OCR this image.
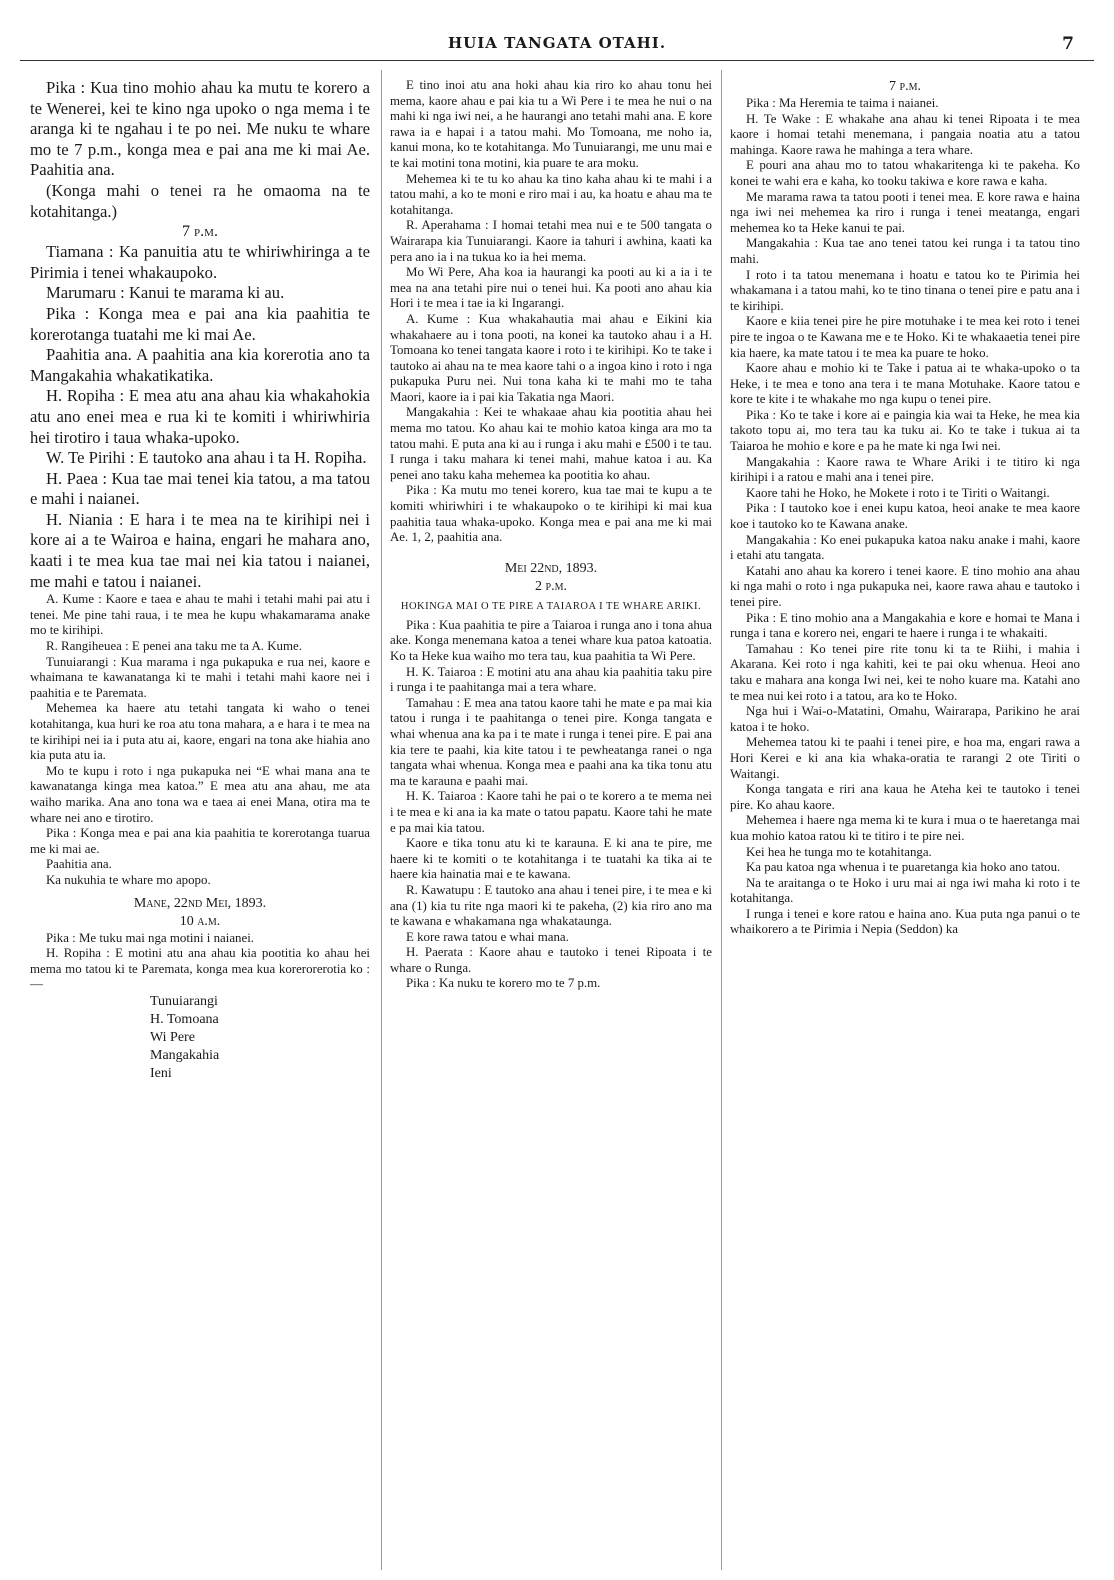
HUIA TANGATA OTAHI.	7

Pika : Kua tino mohio ahau ka mutu te korero a te Wenerei, kei te kino nga upoko o nga mema i te aranga ki te ngahau i te po nei. Me nuku te whare mo te 7 p.m., konga mea e pai ana me ki mai Ae. Paahitia ana.

(Konga mahi o tenei ra he omaoma na te kotahitanga.)

7 p.m.

Tiamana : Ka panuitia atu te whiriwhiringa a te Pirimia i tenei whakaupoko.

Marumaru : Kanui te marama ki au.

Pika : Konga mea e pai ana kia paahitia te korerotanga tuatahi me ki mai Ae.

Paahitia ana. A paahitia ana kia korerotia ano ta Mangakahia whakatikatika.

H. Ropiha : E mea atu ana ahau kia whakahokia atu ano enei mea e rua ki te komiti i whiriwhiria hei tirotiro i taua whaka-upoko.

W. Te Pirihi : E tautoko ana ahau i ta H. Ropiha.

H. Paea : Kua tae mai tenei kia tatou, a ma tatou e mahi i naianei.

H. Niania : E hara i te mea na te kirihipi nei i kore ai a te Wairoa e haina, engari he mahara ano, kaati i te mea kua tae mai nei kia tatou i naianei, me mahi e tatou i naianei.

A. Kume : Kaore e taea e ahau te mahi i tetahi mahi pai atu i tenei. Me pine tahi raua, i te mea he kupu whakamarama anake mo te kirihipi.

R. Rangiheuea : E penei ana taku me ta A. Kume.

Tunuiarangi : Kua marama i nga pukapuka e rua nei, kaore e whaimana te kawanatanga ki te mahi i tetahi mahi kaore nei i paahitia e te Paremata.

Mehemea ka haere atu tetahi tangata ki waho o tenei kotahitanga, kua huri ke roa atu tona mahara, a e hara i te mea na te kirihipi nei ia i puta atu ai, kaore, engari na tona ake hiahia ano kia puta atu ia.

Mo te kupu i roto i nga pukapuka nei “E whai mana ana te kawanatanga kinga mea katoa.” E mea atu ana ahau, me ata waiho marika. Ana ano tona wa e taea ai enei Mana, otira ma te whare nei ano e tirotiro.

Pika : Konga mea e pai ana kia paahitia te korerotanga tuarua me ki mai ae.

Paahitia ana.

Ka nukuhia te whare mo apopo.

Mane, 22nd Mei, 1893.

10 a.m.

Pika : Me tuku mai nga motini i naianei.

H. Ropiha : E motini atu ana ahau kia pootitia ko ahau hei mema mo tatou ki te Paremata, konga mea kua korerorerotia ko :—

Tunuiarangi
H. Tomoana
Wi Pere
Mangakahia
Ieni

E tino inoi atu ana hoki ahau kia riro ko ahau tonu hei mema, kaore ahau e pai kia tu a Wi Pere i te mea he nui o na mahi ki nga iwi nei, a he haurangi ano tetahi mahi ana. E kore rawa ia e hapai i a tatou mahi. Mo Tomoana, me noho ia, kanui mona, ko te kotahitanga. Mo Tunuiarangi, me unu mai e te kai motini tona motini, kia puare te ara moku.

Mehemea ki te tu ko ahau ka tino kaha ahau ki te mahi i a tatou mahi, a ko te moni e riro mai i au, ka hoatu e ahau ma te kotahitanga.

R. Aperahama : I homai tetahi mea nui e te 500 tangata o Wairarapa kia Tunuiarangi. Kaore ia tahuri i awhina, kaati ka pera ano ia i na tukua ko ia hei mema.

Mo Wi Pere, Aha koa ia haurangi ka pooti au ki a ia i te mea na ana tetahi pire nui o tenei hui. Ka pooti ano ahau kia Hori i te mea i tae ia ki Ingarangi.

A. Kume : Kua whakahautia mai ahau e Eikini kia whakahaere au i tona pooti, na konei ka tautoko ahau i a H. Tomoana ko tenei tangata kaore i roto i te kirihipi. Ko te take i tautoko ai ahau na te mea kaore tahi o a ingoa kino i roto i nga pukapuka Puru nei. Nui tona kaha ki te mahi mo te taha Maori, kaore ia i pai kia Takatia nga Maori.

Mangakahia : Kei te whakaae ahau kia pootitia ahau hei mema mo tatou. Ko ahau kai te mohio katoa kinga ara mo ta tatou mahi. E puta ana ki au i runga i aku mahi e £500 i te tau. I runga i taku mahara ki tenei mahi, mahue katoa i au. Ka penei ano taku kaha mehemea ka pootitia ko ahau.

Pika : Ka mutu mo tenei korero, kua tae mai te kupu a te komiti whiriwhiri i te whakaupoko o te kirihipi ki mai kua paahitia taua whaka-upoko. Konga mea e pai ana me ki mai Ae. 1, 2, paahitia ana.

Mei 22nd, 1893.

2 p.m.

HOKINGA MAI O TE PIRE A TAIAROA I TE WHARE ARIKI.

Pika : Kua paahitia te pire a Taiaroa i runga ano i tona ahua ake. Konga menemana katoa a tenei whare kua patoa katoatia. Ko ta Heke kua waiho mo tera tau, kua paahitia ta Wi Pere.

H. K. Taiaroa : E motini atu ana ahau kia paahitia taku pire i runga i te paahitanga mai a tera whare.

Tamahau : E mea ana tatou kaore tahi he mate e pa mai kia tatou i runga i te paahitanga o tenei pire. Konga tangata e whai whenua ana ka pa i te mate i runga i tenei pire. E pai ana kia tere te paahi, kia kite tatou i te pewheatanga ranei o nga tangata whai whenua. Konga mea e paahi ana ka tika tonu atu ma te karauna e paahi mai.

H. K. Taiaroa : Kaore tahi he pai o te korero a te mema nei i te mea e ki ana ia ka mate o tatou papatu. Kaore tahi he mate e pa mai kia tatou.

Kaore e tika tonu atu ki te karauna. E ki ana te pire, me haere ki te komiti o te kotahitanga i te tuatahi ka tika ai te haere kia hainatia mai e te kawana.

R. Kawatupu : E tautoko ana ahau i tenei pire, i te mea e ki ana (1) kia tu rite nga maori ki te pakeha, (2) kia riro ano ma te kawana e whakamana nga whakataunga.

E kore rawa tatou e whai mana.

H. Paerata : Kaore ahau e tautoko i tenei Ripoata i te whare o Runga.

Pika : Ka nuku te korero mo te 7 p.m.

7 p.m.

Pika : Ma Heremia te taima i naianei.

H. Te Wake : E whakahe ana ahau ki tenei Ripoata i te mea kaore i homai tetahi menemana, i pangaia noatia atu a tatou mahinga. Kaore rawa he mahinga a tera whare.

E pouri ana ahau mo to tatou whakaritenga ki te pakeha. Ko konei te wahi era e kaha, ko tooku takiwa e kore rawa e kaha.

Me marama rawa ta tatou pooti i tenei mea. E kore rawa e haina nga iwi nei mehemea ka riro i runga i tenei meatanga, engari mehemea ko ta Heke kanui te pai.

Mangakahia : Kua tae ano tenei tatou kei runga i ta tatou tino mahi.

I roto i ta tatou menemana i hoatu e tatou ko te Pirimia hei whakamana i a tatou mahi, ko te tino tinana o tenei pire e patu ana i te kirihipi.

Kaore e kiia tenei pire he pire motuhake i te mea kei roto i tenei pire te ingoa o te Kawana me e te Hoko. Ki te whakaaetia tenei pire kia haere, ka mate tatou i te mea ka puare te hoko.

Kaore ahau e mohio ki te Take i patua ai te whaka-upoko o ta Heke, i te mea e tono ana tera i te mana Motuhake. Kaore tatou e kore te kite i te whakahe mo nga kupu o tenei pire.

Pika : Ko te take i kore ai e paingia kia wai ta Heke, he mea kia takoto topu ai, mo tera tau ka tuku ai. Ko te take i tukua ai ta Taiaroa he mohio e kore e pa he mate ki nga Iwi nei.

Mangakahia : Kaore rawa te Whare Ariki i te titiro ki nga kirihipi i a ratou e mahi ana i tenei pire.

Kaore tahi he Hoko, he Mokete i roto i te Tiriti o Waitangi.

Pika : I tautoko koe i enei kupu katoa, heoi anake te mea kaore koe i tautoko ko te Kawana anake.

Mangakahia : Ko enei pukapuka katoa naku anake i mahi, kaore i etahi atu tangata.

Katahi ano ahau ka korero i tenei kaore. E tino mohio ana ahau ki nga mahi o roto i nga pukapuka nei, kaore rawa ahau e tautoko i tenei pire.

Pika : E tino mohio ana a Mangakahia e kore e homai te Mana i runga i tana e korero nei, engari te haere i runga i te whakaiti.

Tamahau : Ko tenei pire rite tonu ki ta te Riihi, i mahia i Akarana. Kei roto i nga kahiti, kei te pai oku whenua. Heoi ano taku e mahara ana konga Iwi nei, kei te noho kuare ma. Katahi ano te mea nui kei roto i a tatou, ara ko te Hoko.

Nga hui i Wai-o-Matatini, Omahu, Wairarapa, Parikino he arai katoa i te hoko.

Mehemea tatou ki te paahi i tenei pire, e hoa ma, engari rawa a Hori Kerei e ki ana kia whaka-oratia te rarangi 2 ote Tiriti o Waitangi.

Konga tangata e riri ana kaua he Ateha kei te tautoko i tenei pire. Ko ahau kaore.

Mehemea i haere nga mema ki te kura i mua o te haeretanga mai kua mohio katoa ratou ki te titiro i te pire nei.

Kei hea he tunga mo te kotahitanga.

Ka pau katoa nga whenua i te puaretanga kia hoko ano tatou.

Na te araitanga o te Hoko i uru mai ai nga iwi maha ki roto i te kotahitanga.

I runga i tenei e kore ratou e haina ano. Kua puta nga panui o te whaikorero a te Pirimia i Nepia (Seddon) ka
